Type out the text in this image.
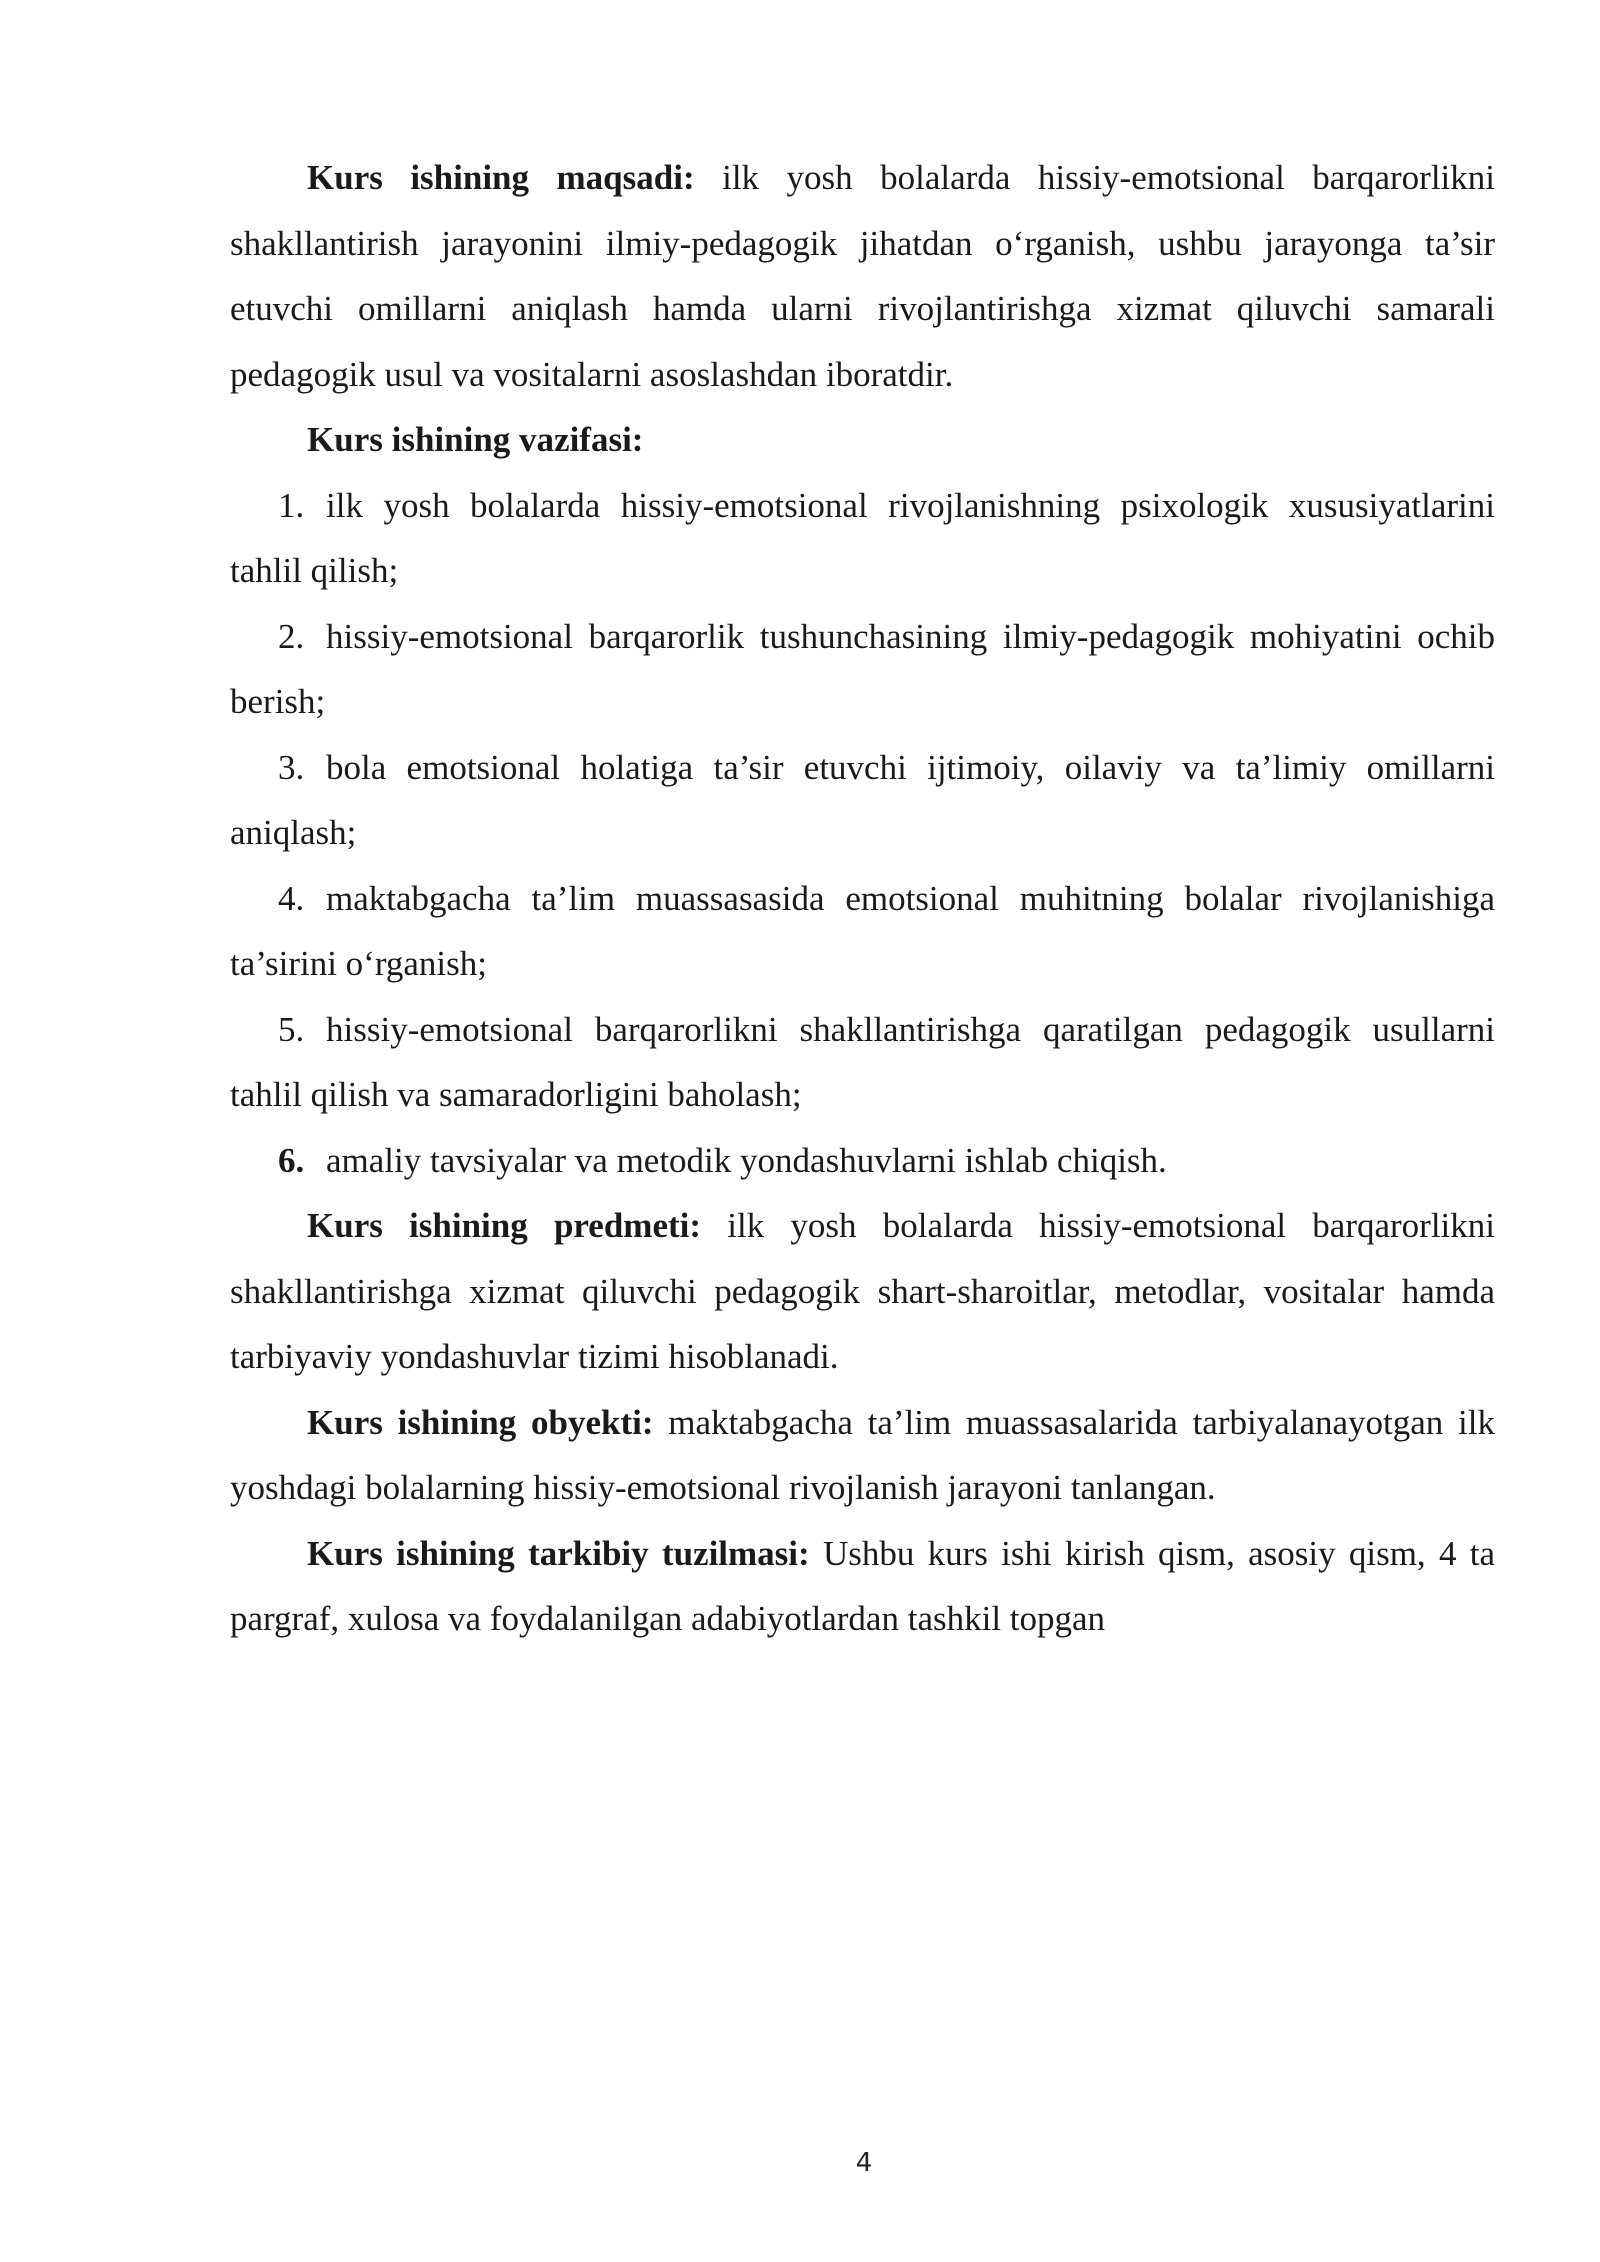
Kurs ishining maqsadi: ilk yosh bolalarda hissiy-emotsional barqarorlikni shakllantirish jarayonini ilmiy-pedagogik jihatdan o‘rganish, ushbu jarayonga ta’sir etuvchi omillarni aniqlash hamda ularni rivojlantirishga xizmat qiluvchi samarali pedagogik usul va vositalarni asoslashdan iboratdir.

Kurs ishining vazifasi:

1. ilk yosh bolalarda hissiy-emotsional rivojlanishning psixologik xususiyatlarini tahlil qilish;

2. hissiy-emotsional barqarorlik tushunchasining ilmiy-pedagogik mohiyatini ochib berish;

3. bola emotsional holatiga ta’sir etuvchi ijtimoiy, oilaviy va ta’limiy omillarni aniqlash;

4. maktabgacha ta’lim muassasasida emotsional muhitning bolalar rivojlanishiga ta’sirini o‘rganish;

5. hissiy-emotsional barqarorlikni shakllantirishga qaratilgan pedagogik usullarni tahlil qilish va samaradorligini baholash;

6. amaliy tavsiyalar va metodik yondashuvlarni ishlab chiqish.

Kurs ishining predmeti: ilk yosh bolalarda hissiy-emotsional barqarorlikni shakllantirishga xizmat qiluvchi pedagogik shart-sharoitlar, metodlar, vositalar hamda tarbiyaviy yondashuvlar tizimi hisoblanadi.

Kurs ishining obyekti: maktabgacha ta’lim muassasalarida tarbiyalanayotgan ilk yoshdagi bolalarning hissiy-emotsional rivojlanish jarayoni tanlangan.

Kurs ishining tarkibiy tuzilmasi: Ushbu kurs ishi kirish qism, asosiy qism, 4 ta pargraf, xulosa va foydalanilgan adabiyotlardan tashkil topgan

4
